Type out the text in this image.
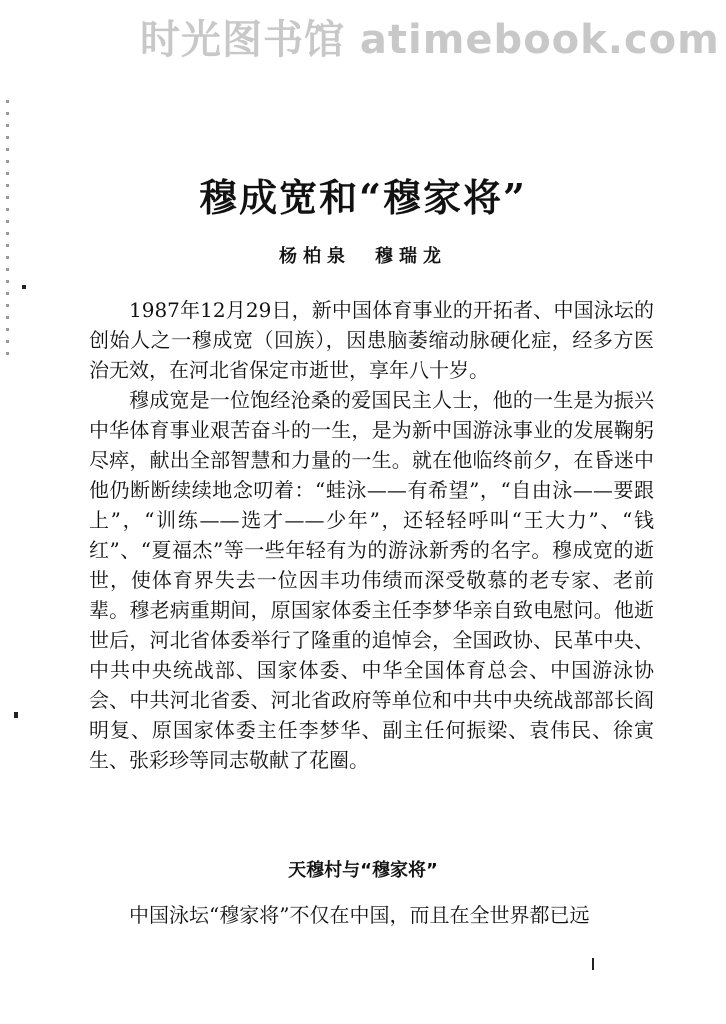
时光图书馆 atimebook.com
穆成宽和“穆家将”
杨柏泉　穆瑞龙

1987年12月29日，新中国体育事业的开拓者、中国泳坛的创始人之一穆成宽（回族），因患脑萎缩动脉硬化症，经多方医治无效，在河北省保定市逝世，享年八十岁。

穆成宽是一位饱经沧桑的爱国民主人士，他的一生是为振兴中华体育事业艰苦奋斗的一生，是为新中国游泳事业的发展鞠躬尽瘁，献出全部智慧和力量的一生。就在他临终前夕，在昏迷中他仍断断续续地念叨着：“蛙泳——有希望”，“自由泳——要跟上”，“训练——选才——少年”，还轻轻呼叫“王大力”、“钱红”、“夏福杰”等一些年轻有为的游泳新秀的名字。穆成宽的逝世，使体育界失去一位因丰功伟绩而深受敬慕的老专家、老前辈。穆老病重期间，原国家体委主任李梦华亲自致电慰问。他逝世后，河北省体委举行了隆重的追悼会，全国政协、民革中央、中共中央统战部、国家体委、中华全国体育总会、中国游泳协会、中共河北省委、河北省政府等单位和中共中央统战部部长阎明复、原国家体委主任李梦华、副主任何振梁、袁伟民、徐寅生、张彩珍等同志敬献了花圈。

天穆村与“穆家将”
中国泳坛“穆家将”不仅在中国，而且在全世界都已远
